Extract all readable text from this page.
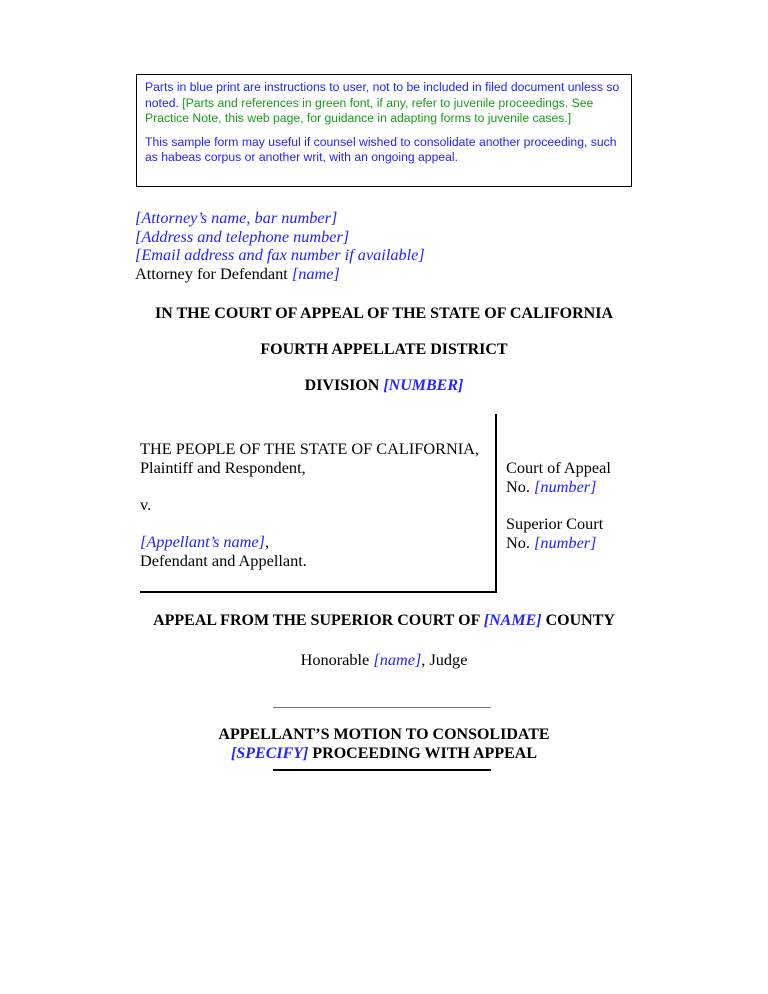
Parts in blue print are instructions to user, not to be included in filed document unless so noted. [Parts and references in green font, if any, refer to juvenile proceedings. See Practice Note, this web page, for guidance in adapting forms to juvenile cases.]

This sample form may useful if counsel wished to consolidate another proceeding, such as habeas corpus or another writ, with an ongoing appeal.

[Attorney’s name, bar number]
[Address and telephone number]
[Email address and fax number if available]
Attorney for Defendant [name]
IN THE COURT OF APPEAL OF THE STATE OF CALIFORNIA
FOURTH APPELLATE DISTRICT
DIVISION [NUMBER]
THE PEOPLE OF THE STATE OF CALIFORNIA,
Plaintiff and Respondent,
v.
[Appellant’s name],
Defendant and Appellant.
Court of Appeal
No. [number]
Superior Court
No. [number]
APPEAL FROM THE SUPERIOR COURT OF [NAME] COUNTY
Honorable [name], Judge
APPELLANT’S MOTION TO CONSOLIDATE
[SPECIFY] PROCEEDING WITH APPEAL
